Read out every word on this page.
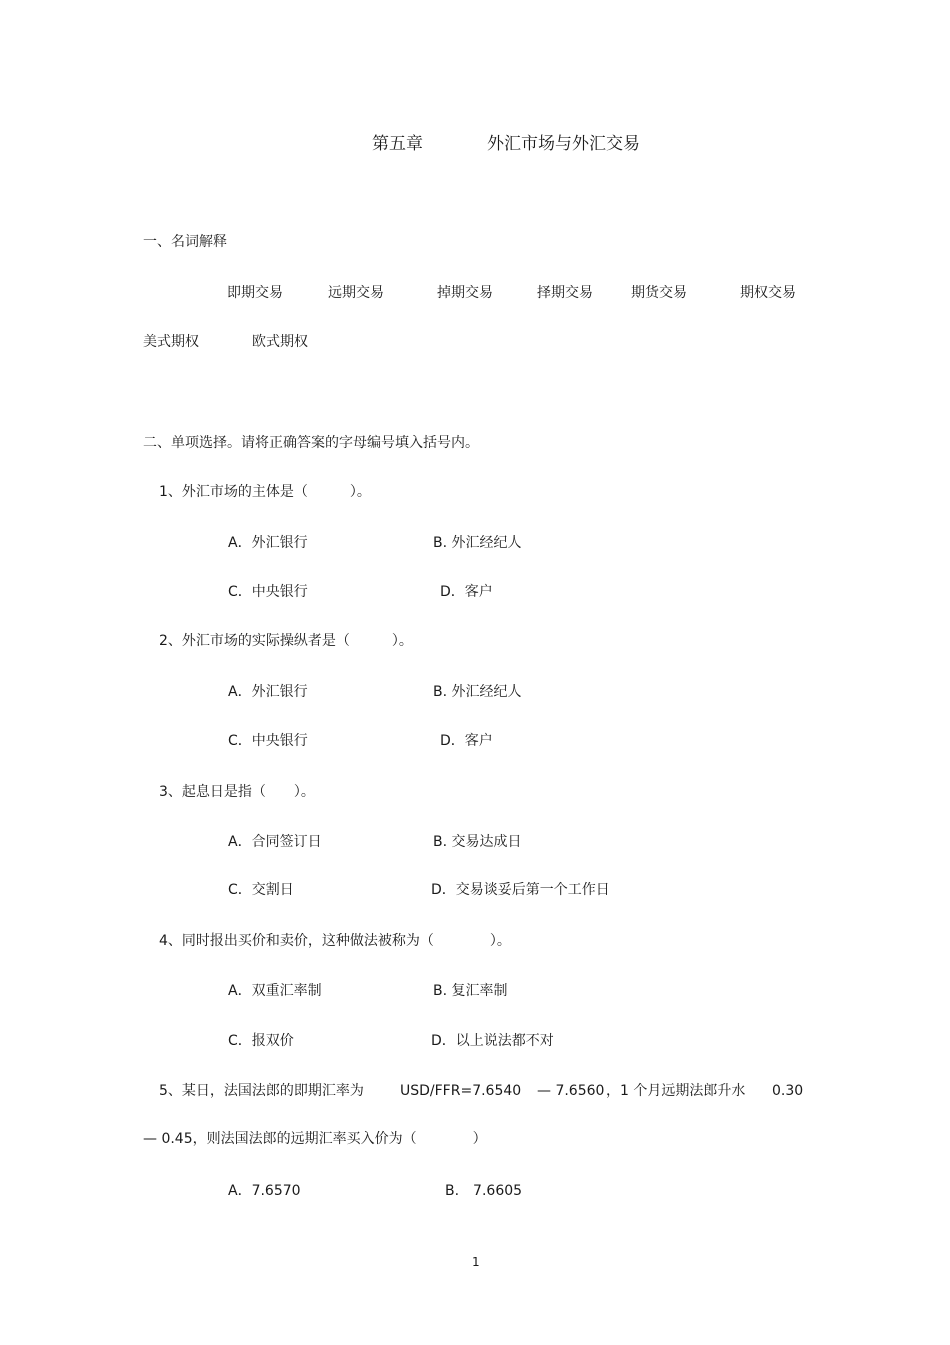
第五章	外汇市场与外汇交易
一、名词解释
即期交易	远期交易	掉期交易	择期交易	期货交易	期权交易
美式期权	欧式期权
二、单项选择。请将正确答案的字母编号填入括号内。
1、外汇市场的主体是（　　　）。
A．外汇银行	B. 外汇经纪人
C．中央银行	D．客户
2、外汇市场的实际操纵者是（　　　）。
A．外汇银行	B. 外汇经纪人
C．中央银行	D．客户
3、起息日是指（　　）。
A．合同签订日	B. 交易达成日
C．交割日	D．交易谈妥后第一个工作日
4、同时报出买价和卖价，这种做法被称为（　　　　）。
A．双重汇率制	B. 复汇率制
C．报双价	D．以上说法都不对
5、某日，法国法郎的即期汇率为	USD/FFR=7.6540 — 7.6560 ，1 个月远期法郎升水 0.30
— 0.45，则法国法郎的远期汇率买入价为（　　　　）
A．7.6570	B.　7.6605
1
